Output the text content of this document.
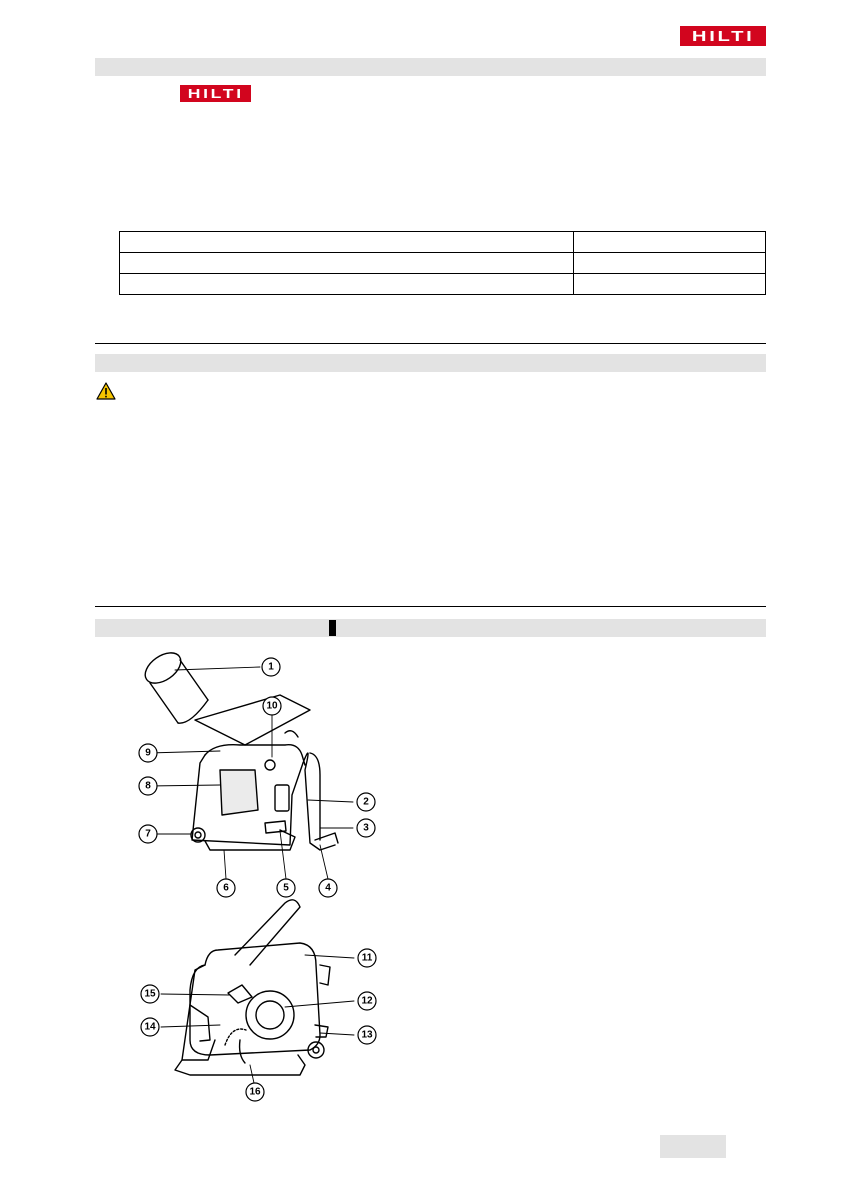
HILTI
HILTI

1
2
3
4
5
6
7
8
9
10
11
12
13
14
15
16
